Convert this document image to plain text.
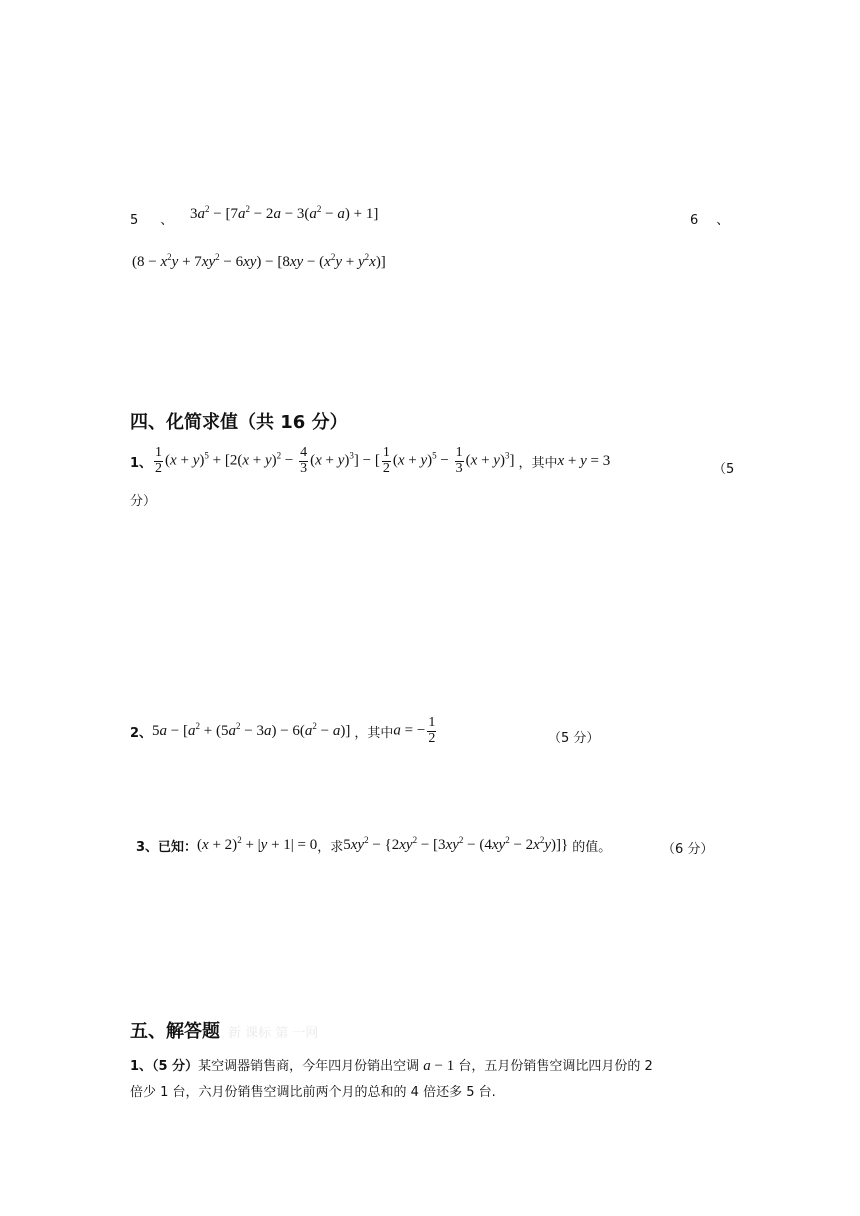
5 、 $3a^2 - [7a^2 - 2a - 3(a^2 - a) + 1]$	6 、
$(8 - x^2y + 7xy^2 - 6xy) - [8xy - (x^2y + y^2x)]$
四、化简求值（共 16 分）
1、 $\frac{1}{2} (x + y)^5 + [2(x + y)^2 - \frac{4}{3} (x + y)^3]$ − [ $\frac{1}{2} (x + y)^5 - \frac{1}{3} (x + y)^3$] ，其中 x + y = 3
（5
分）
2、 $5a - [a^2 + (5a^2 - 3a) - 6(a^2 - a)]$ ，其中 a = − $\frac{1}{2}$	（5 分）
3、已知： $(x + 2)^2 + |y + 1| = 0$ ，求 $5xy^2 - \{2xy^2 - [3xy^2 - (4xy^2 - 2x^2y)]\}$ 的值。	（6 分）
五、解答题 新 课标 第 一网
1、（5 分）某空调器销售商，今年四月份销出空调 a − 1 台，五月份销售空调比四月份的 2
倍少 1 台，六月份销售空调比前两个月的总和的 4 倍还多 5 台.
